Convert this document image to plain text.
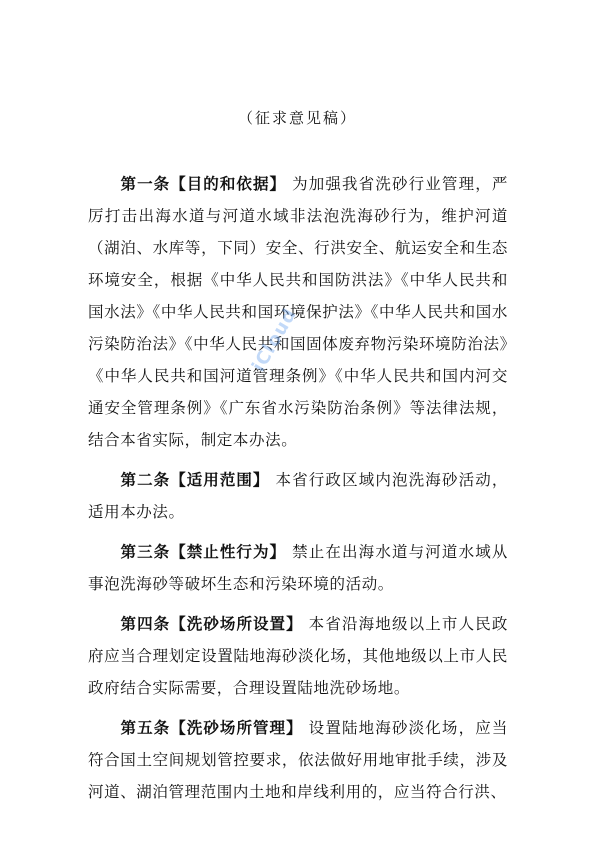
（征求意见稿）

第一条【目的和依据】 为加强我省洗砂行业管理，严厉打击出海水道与河道水域非法泡洗海砂行为，维护河道（湖泊、水库等，下同）安全、行洪安全、航运安全和生态环境安全，根据《中华人民共和国防洪法》《中华人民共和国水法》《中华人民共和国环境保护法》《中华人民共和国水污染防治法》《中华人民共和国固体废弃物污染环境防治法》《中华人民共和国河道管理条例》《中华人民共和国内河交通安全管理条例》《广东省水污染防治条例》等法律法规，结合本省实际，制定本办法。

第二条【适用范围】 本省行政区域内泡洗海砂活动，适用本办法。

第三条【禁止性行为】 禁止在出海水道与河道水域从事泡洗海砂等破坏生态和污染环境的活动。

第四条【洗砂场所设置】 本省沿海地级以上市人民政府应当合理划定设置陆地海砂淡化场，其他地级以上市人民政府结合实际需要，合理设置陆地洗砂场地。

第五条【洗砂场所管理】 设置陆地海砂淡化场，应当符合国土空间规划管控要求，依法做好用地审批手续，涉及河道、湖泊管理范围内土地和岸线利用的，应当符合行洪、

iCloud
